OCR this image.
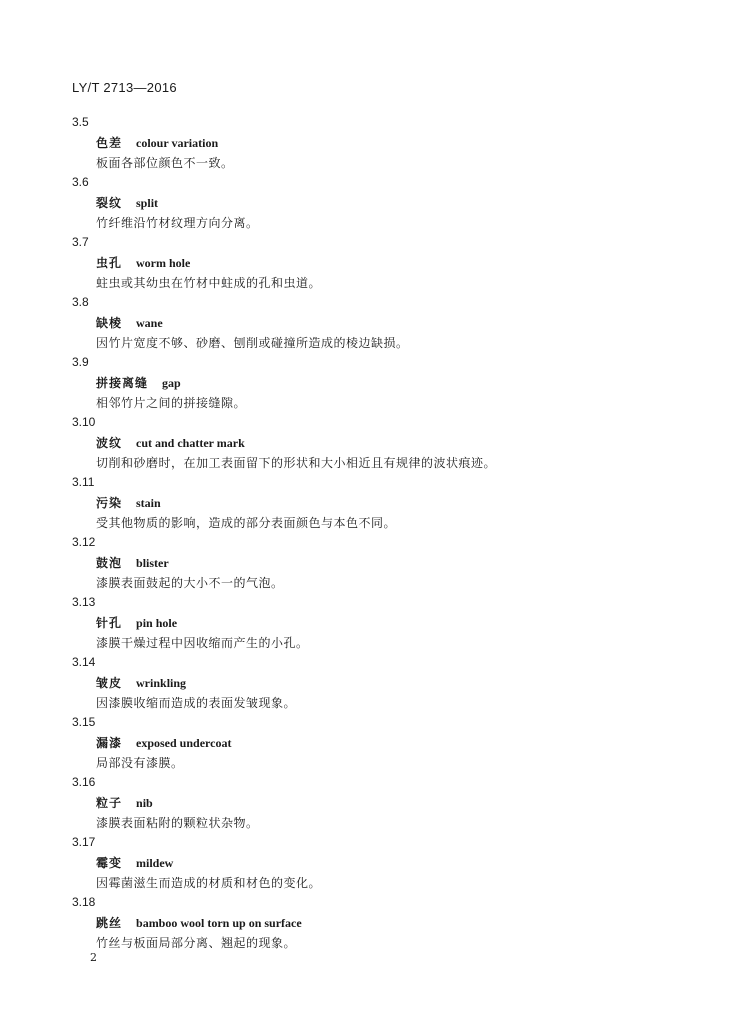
LY/T 2713—2016
3.5
色差 colour variation
板面各部位颜色不一致。
3.6
裂纹 split
竹纤维沿竹材纹理方向分离。
3.7
虫孔 worm hole
蛀虫或其幼虫在竹材中蛀成的孔和虫道。
3.8
缺棱 wane
因竹片宽度不够、砂磨、刨削或碰撞所造成的棱边缺损。
3.9
拼接离缝 gap
相邻竹片之间的拼接缝隙。
3.10
波纹 cut and chatter mark
切削和砂磨时，在加工表面留下的形状和大小相近且有规律的波状痕迹。
3.11
污染 stain
受其他物质的影响，造成的部分表面颜色与本色不同。
3.12
鼓泡 blister
漆膜表面鼓起的大小不一的气泡。
3.13
针孔 pin hole
漆膜干燥过程中因收缩而产生的小孔。
3.14
皱皮 wrinkling
因漆膜收缩而造成的表面发皱现象。
3.15
漏漆 exposed undercoat
局部没有漆膜。
3.16
粒子 nib
漆膜表面粘附的颗粒状杂物。
3.17
霉变 mildew
因霉菌滋生而造成的材质和材色的变化。
3.18
跳丝 bamboo wool torn up on surface
竹丝与板面局部分离、翘起的现象。
2
